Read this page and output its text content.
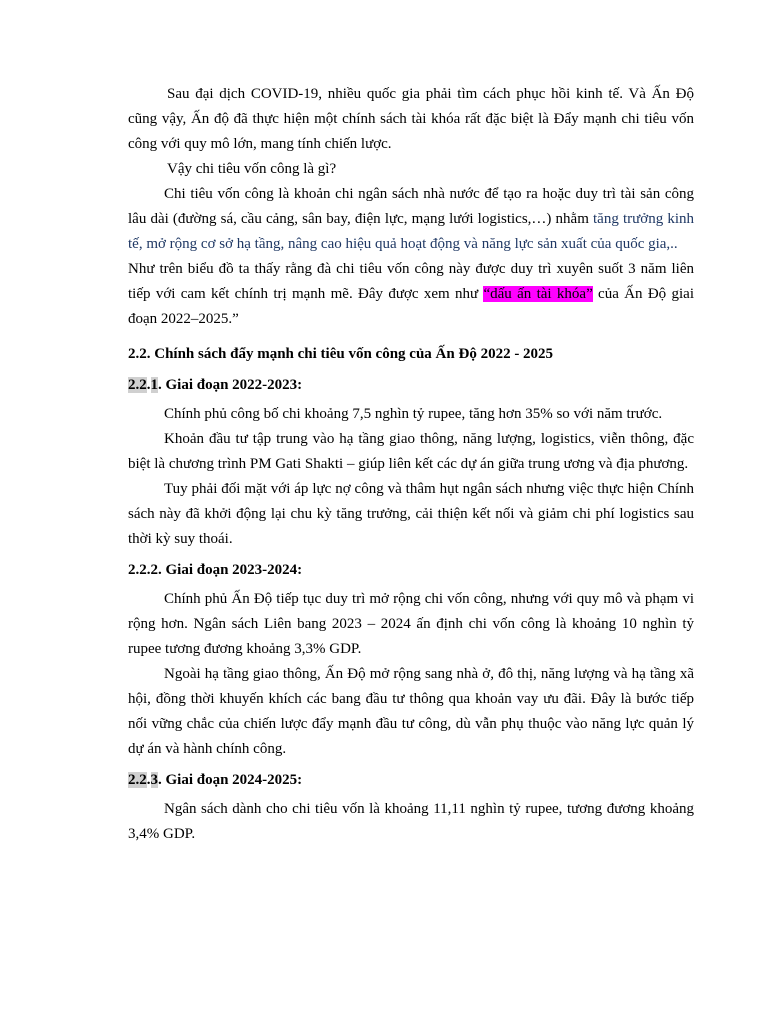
Sau đại dịch COVID-19, nhiều quốc gia phải tìm cách phục hồi kinh tế. Và Ấn Độ cũng vậy, Ấn độ đã thực hiện một chính sách tài khóa rất đặc biệt là Đẩy mạnh chi tiêu vốn công với quy mô lớn, mang tính chiến lược.

Vậy chi tiêu vốn công là gì?

Chi tiêu vốn công là khoản chi ngân sách nhà nước để tạo ra hoặc duy trì tài sản công lâu dài (đường sá, cầu cảng, sân bay, điện lực, mạng lưới logistics,…) nhằm tăng trưởng kinh tế, mở rộng cơ sở hạ tầng, nâng cao hiệu quả hoạt động và năng lực sản xuất của quốc gia,..

Như trên biểu đồ ta thấy rằng đà chi tiêu vốn công này được duy trì xuyên suốt 3 năm liên tiếp với cam kết chính trị mạnh mẽ. Đây được xem như “dấu ấn tài khóa” của Ấn Độ giai đoạn 2022–2025.”

2.2. Chính sách đẩy mạnh chi tiêu vốn công của Ấn Độ 2022 - 2025

2.2.1. Giai đoạn 2022-2023:

Chính phủ công bố chi khoảng 7,5 nghìn tỷ rupee, tăng hơn 35% so với năm trước.

Khoản đầu tư tập trung vào hạ tầng giao thông, năng lượng, logistics, viễn thông, đặc biệt là chương trình PM Gati Shakti – giúp liên kết các dự án giữa trung ương và địa phương.

Tuy phải đối mặt với áp lực nợ công và thâm hụt ngân sách nhưng việc thực hiện Chính sách này đã khởi động lại chu kỳ tăng trưởng, cải thiện kết nối và giảm chi phí logistics sau thời kỳ suy thoái.

2.2.2. Giai đoạn 2023-2024:

Chính phủ Ấn Độ tiếp tục duy trì mở rộng chi vốn công, nhưng với quy mô và phạm vi rộng hơn. Ngân sách Liên bang 2023 – 2024 ấn định chi vốn công là khoảng 10 nghìn tỷ rupee tương đương khoảng 3,3% GDP.

Ngoài hạ tầng giao thông, Ấn Độ mở rộng sang nhà ở, đô thị, năng lượng và hạ tầng xã hội, đồng thời khuyến khích các bang đầu tư thông qua khoản vay ưu đãi. Đây là bước tiếp nối vững chắc của chiến lược đẩy mạnh đầu tư công, dù vẫn phụ thuộc vào năng lực quản lý dự án và hành chính công.

2.2.3. Giai đoạn 2024-2025:

Ngân sách dành cho chi tiêu vốn là khoảng 11,11 nghìn tỷ rupee, tương đương khoảng 3,4% GDP.
